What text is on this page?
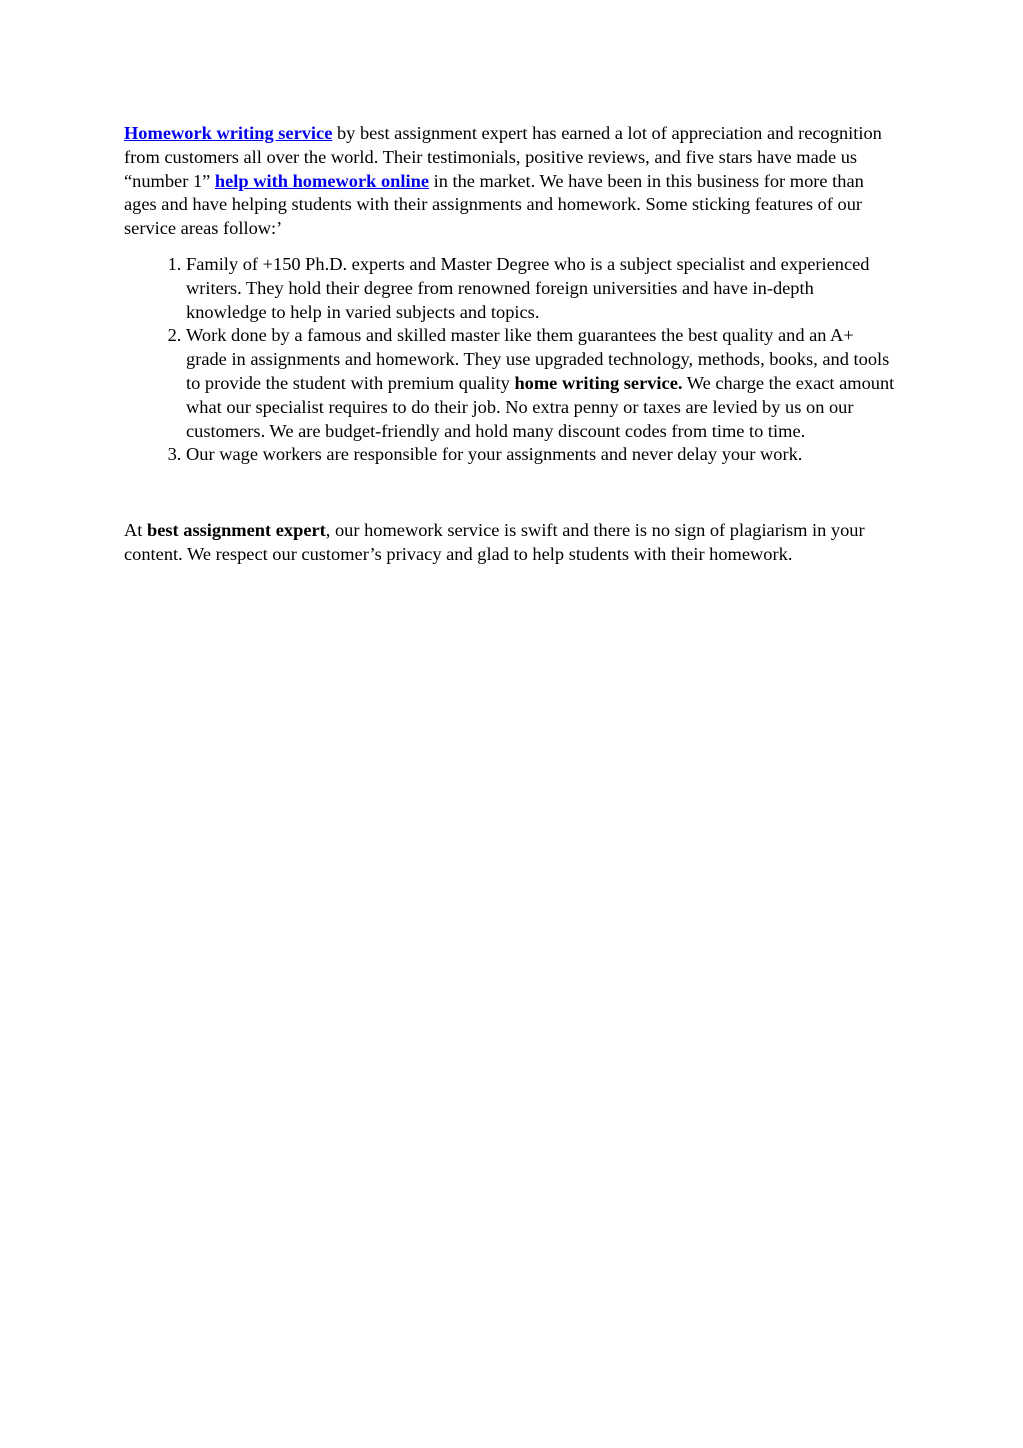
Homework writing service by best assignment expert has earned a lot of appreciation and recognition from customers all over the world. Their testimonials, positive reviews, and five stars have made us “number 1” help with homework online in the market. We have been in this business for more than ages and have helping students with their assignments and homework. Some sticking features of our service areas follow:’

1. Family of +150 Ph.D. experts and Master Degree who is a subject specialist and experienced writers. They hold their degree from renowned foreign universities and have in-depth knowledge to help in varied subjects and topics.
2. Work done by a famous and skilled master like them guarantees the best quality and an A+ grade in assignments and homework. They use upgraded technology, methods, books, and tools to provide the student with premium quality home writing service. We charge the exact amount what our specialist requires to do their job. No extra penny or taxes are levied by us on our customers. We are budget-friendly and hold many discount codes from time to time.
3. Our wage workers are responsible for your assignments and never delay your work.

At best assignment expert, our homework service is swift and there is no sign of plagiarism in your content. We respect our customer’s privacy and glad to help students with their homework.
